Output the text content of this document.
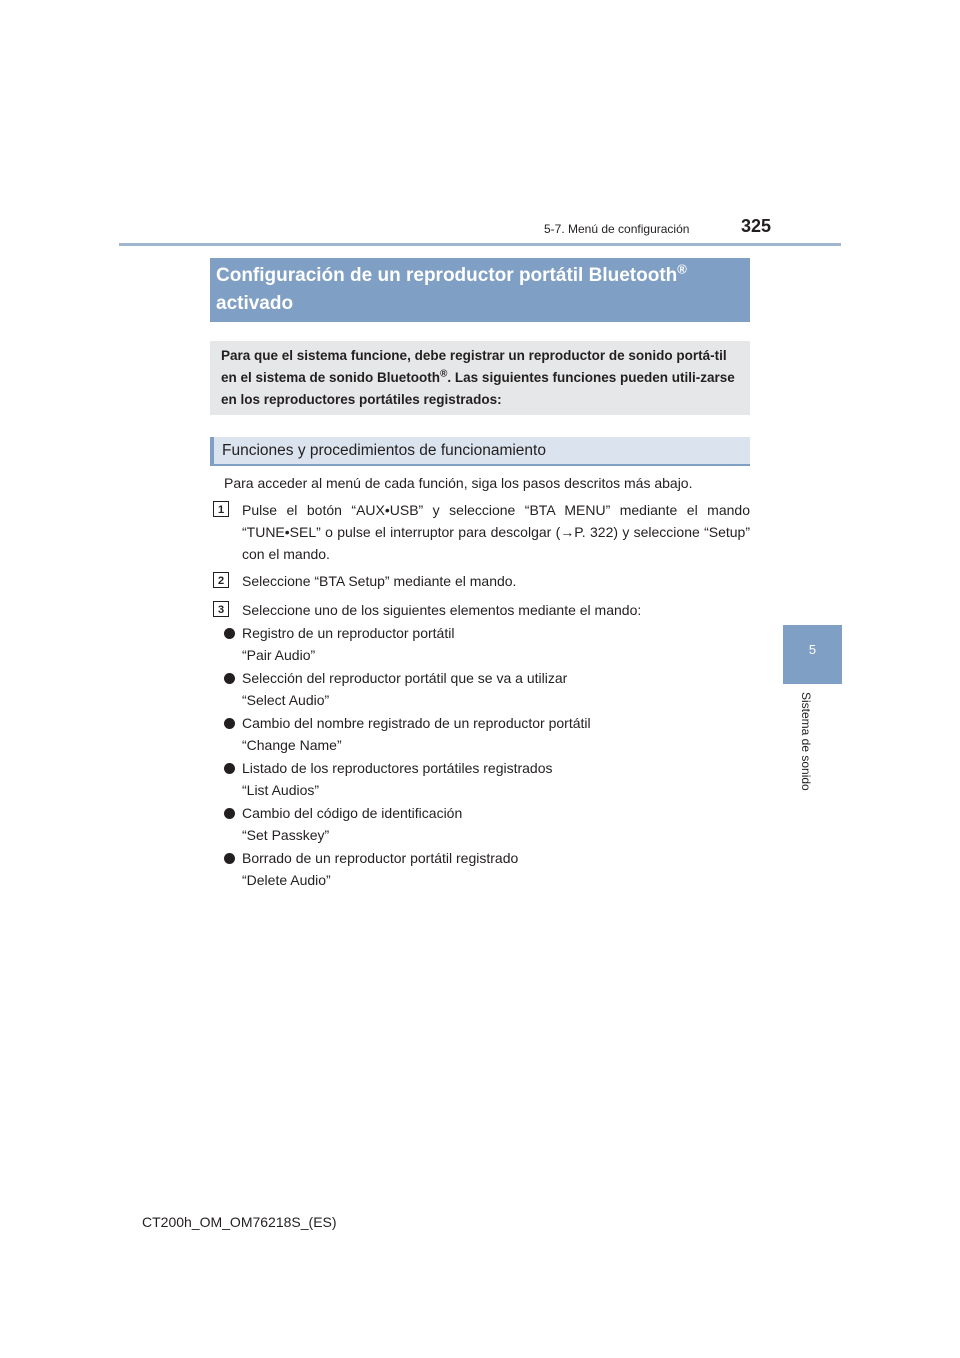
5-7. Menú de configuración	325
Configuración de un reproductor portátil Bluetooth®
activado
Para que el sistema funcione, debe registrar un reproductor de sonido portá-til en el sistema de sonido Bluetooth®. Las siguientes funciones pueden utili-zarse en los reproductores portátiles registrados:
Funciones y procedimientos de funcionamiento
Para acceder al menú de cada función, siga los pasos descritos más abajo.
1	Pulse el botón “AUX•USB” y seleccione “BTA MENU” mediante el mando “TUNE•SEL” o pulse el interruptor para descolgar (→P. 322) y seleccione “Setup” con el mando.
2	Seleccione “BTA Setup” mediante el mando.
3	Seleccione uno de los siguientes elementos mediante el mando:
Registro de un reproductor portátil
“Pair Audio”
Selección del reproductor portátil que se va a utilizar
“Select Audio”
Cambio del nombre registrado de un reproductor portátil
“Change Name”
Listado de los reproductores portátiles registrados
“List Audios”
Cambio del código de identificación
“Set Passkey”
Borrado de un reproductor portátil registrado
“Delete Audio”
5
Sistema de sonido
CT200h_OM_OM76218S_(ES)
